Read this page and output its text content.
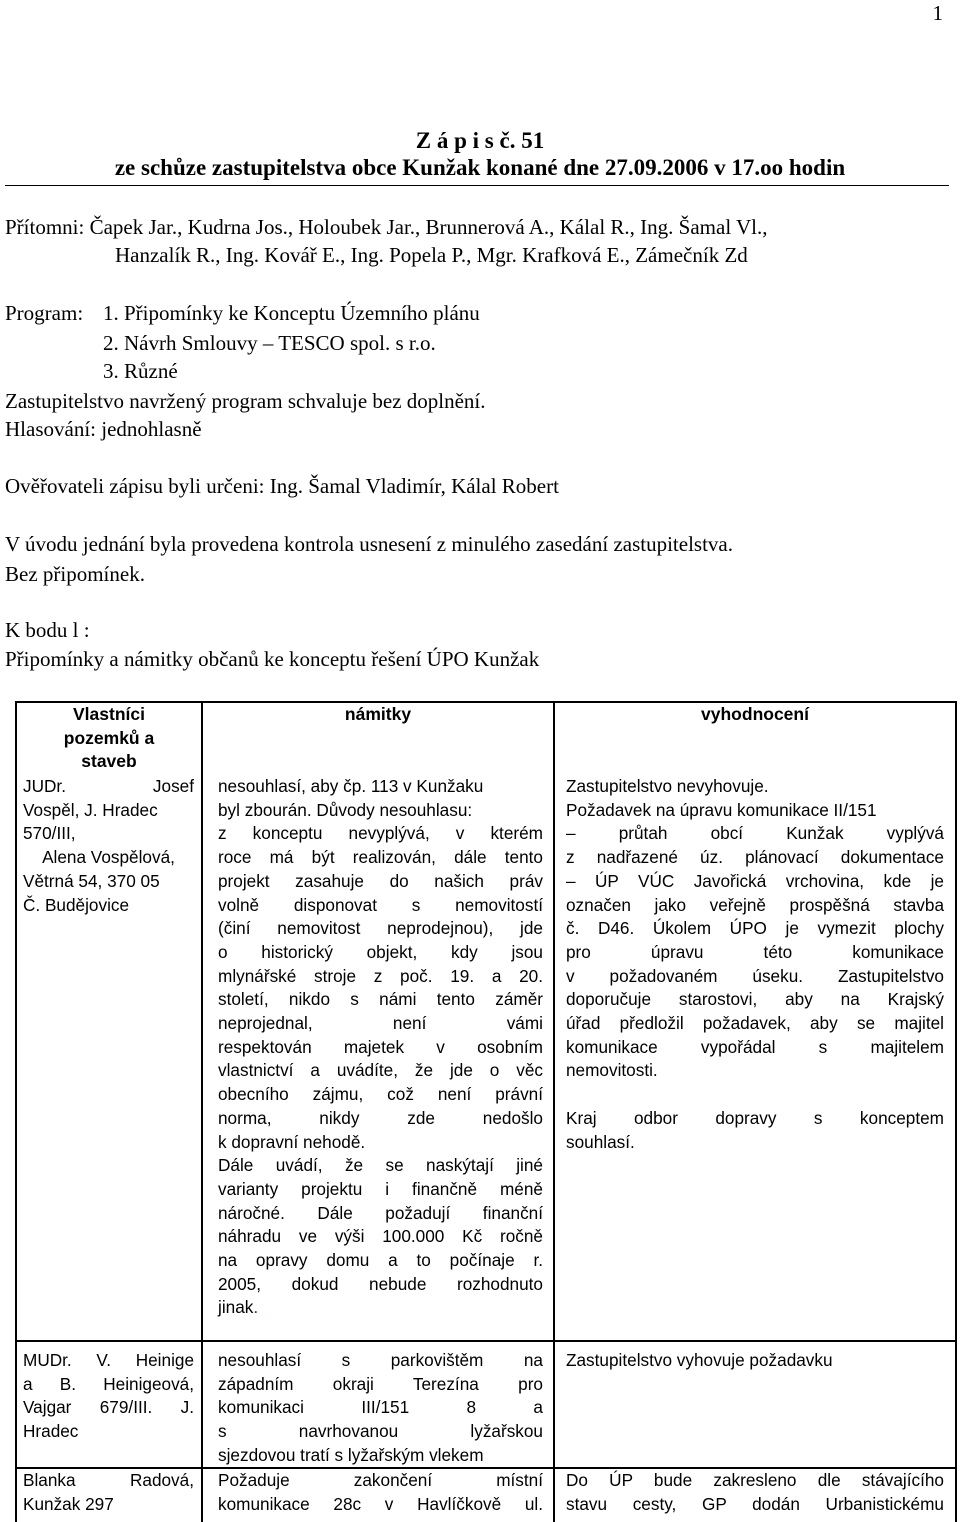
1
Z á p i s č. 51
ze schůze zastupitelstva obce Kunžak konané dne 27.09.2006 v 17.oo hodin
Přítomni: Čapek Jar., Kudrna Jos., Holoubek Jar., Brunnerová A., Kálal R., Ing. Šamal Vl.,
Hanzalík R., Ing. Kovář E., Ing. Popela P., Mgr. Krafková E., Zámečník Zd
Program: 1. Připomínky ke Konceptu Územního plánu
2. Návrh Smlouvy – TESCO spol. s r.o.
3. Různé
Zastupitelstvo navržený program schvaluje bez doplnění.
Hlasování: jednohlasně
Ověřovateli zápisu byli určeni: Ing. Šamal Vladimír, Kálal Robert
V úvodu jednání byla provedena kontrola usnesení z minulého zasedání zastupitelstva.
Bez připomínek.
K bodu l :
Připomínky a námitky občanů ke konceptu řešení ÚPO Kunžak
Vlastníci
pozemků a
staveb
námitky	vyhodnocení
JUDr. Josef
Vospěl, J. Hradec
570/III,
Alena Vospělová,
Větrná 54, 370 05
Č. Budějovice
nesouhlasí, aby čp. 113 v Kunžaku
byl zbourán. Důvody nesouhlasu:
z konceptu nevyplývá, v kterém
roce má být realizován, dále tento
projekt zasahuje do našich práv
volně disponovat s nemovitostí
(činí nemovitost neprodejnou), jde
o historický objekt, kdy jsou
mlynářské stroje z poč. 19. a 20.
století, nikdo s námi tento záměr
neprojednal, není vámi
respektován majetek v osobním
vlastnictví a uvádíte, že jde o věc
obecního zájmu, což není právní
norma, nikdy zde nedošlo
k dopravní nehodě.
Dále uvádí, že se naskýtají jiné
varianty projektu i finančně méně
náročné. Dále požadují finanční
náhradu ve výši 100.000 Kč ročně
na opravy domu a to počínaje r.
2005, dokud nebude rozhodnuto
jinak.
Zastupitelstvo nevyhovuje.
Požadavek na úpravu komunikace II/151
– průtah obcí Kunžak vyplývá
z nadřazené úz. plánovací dokumentace
– ÚP VÚC Javořická vrchovina, kde je
označen jako veřejně prospěšná stavba
č. D46. Úkolem ÚPO je vymezit plochy
pro úpravu této komunikace
v požadovaném úseku. Zastupitelstvo
doporučuje starostovi, aby na Krajský
úřad předložil požadavek, aby se majitel
komunikace vypořádal s majitelem
nemovitosti.
Kraj odbor dopravy s konceptem
souhlasí.
MUDr. V. Heinige
a B. Heinigeová,
Vajgar 679/III. J.
Hradec
nesouhlasí s parkovištěm na
západním okraji Terezína pro
komunikaci III/151 8 a
s navrhovanou lyžařskou
sjezdovou tratí s lyžařským vlekem
Zastupitelstvo vyhovuje požadavku
Blanka Radová,
Kunžak 297
Požaduje zakončení místní
komunikace 28c v Havlíčkově ul.
Do ÚP bude zakresleno dle stávajícího
stavu cesty, GP dodán Urbanistickému
